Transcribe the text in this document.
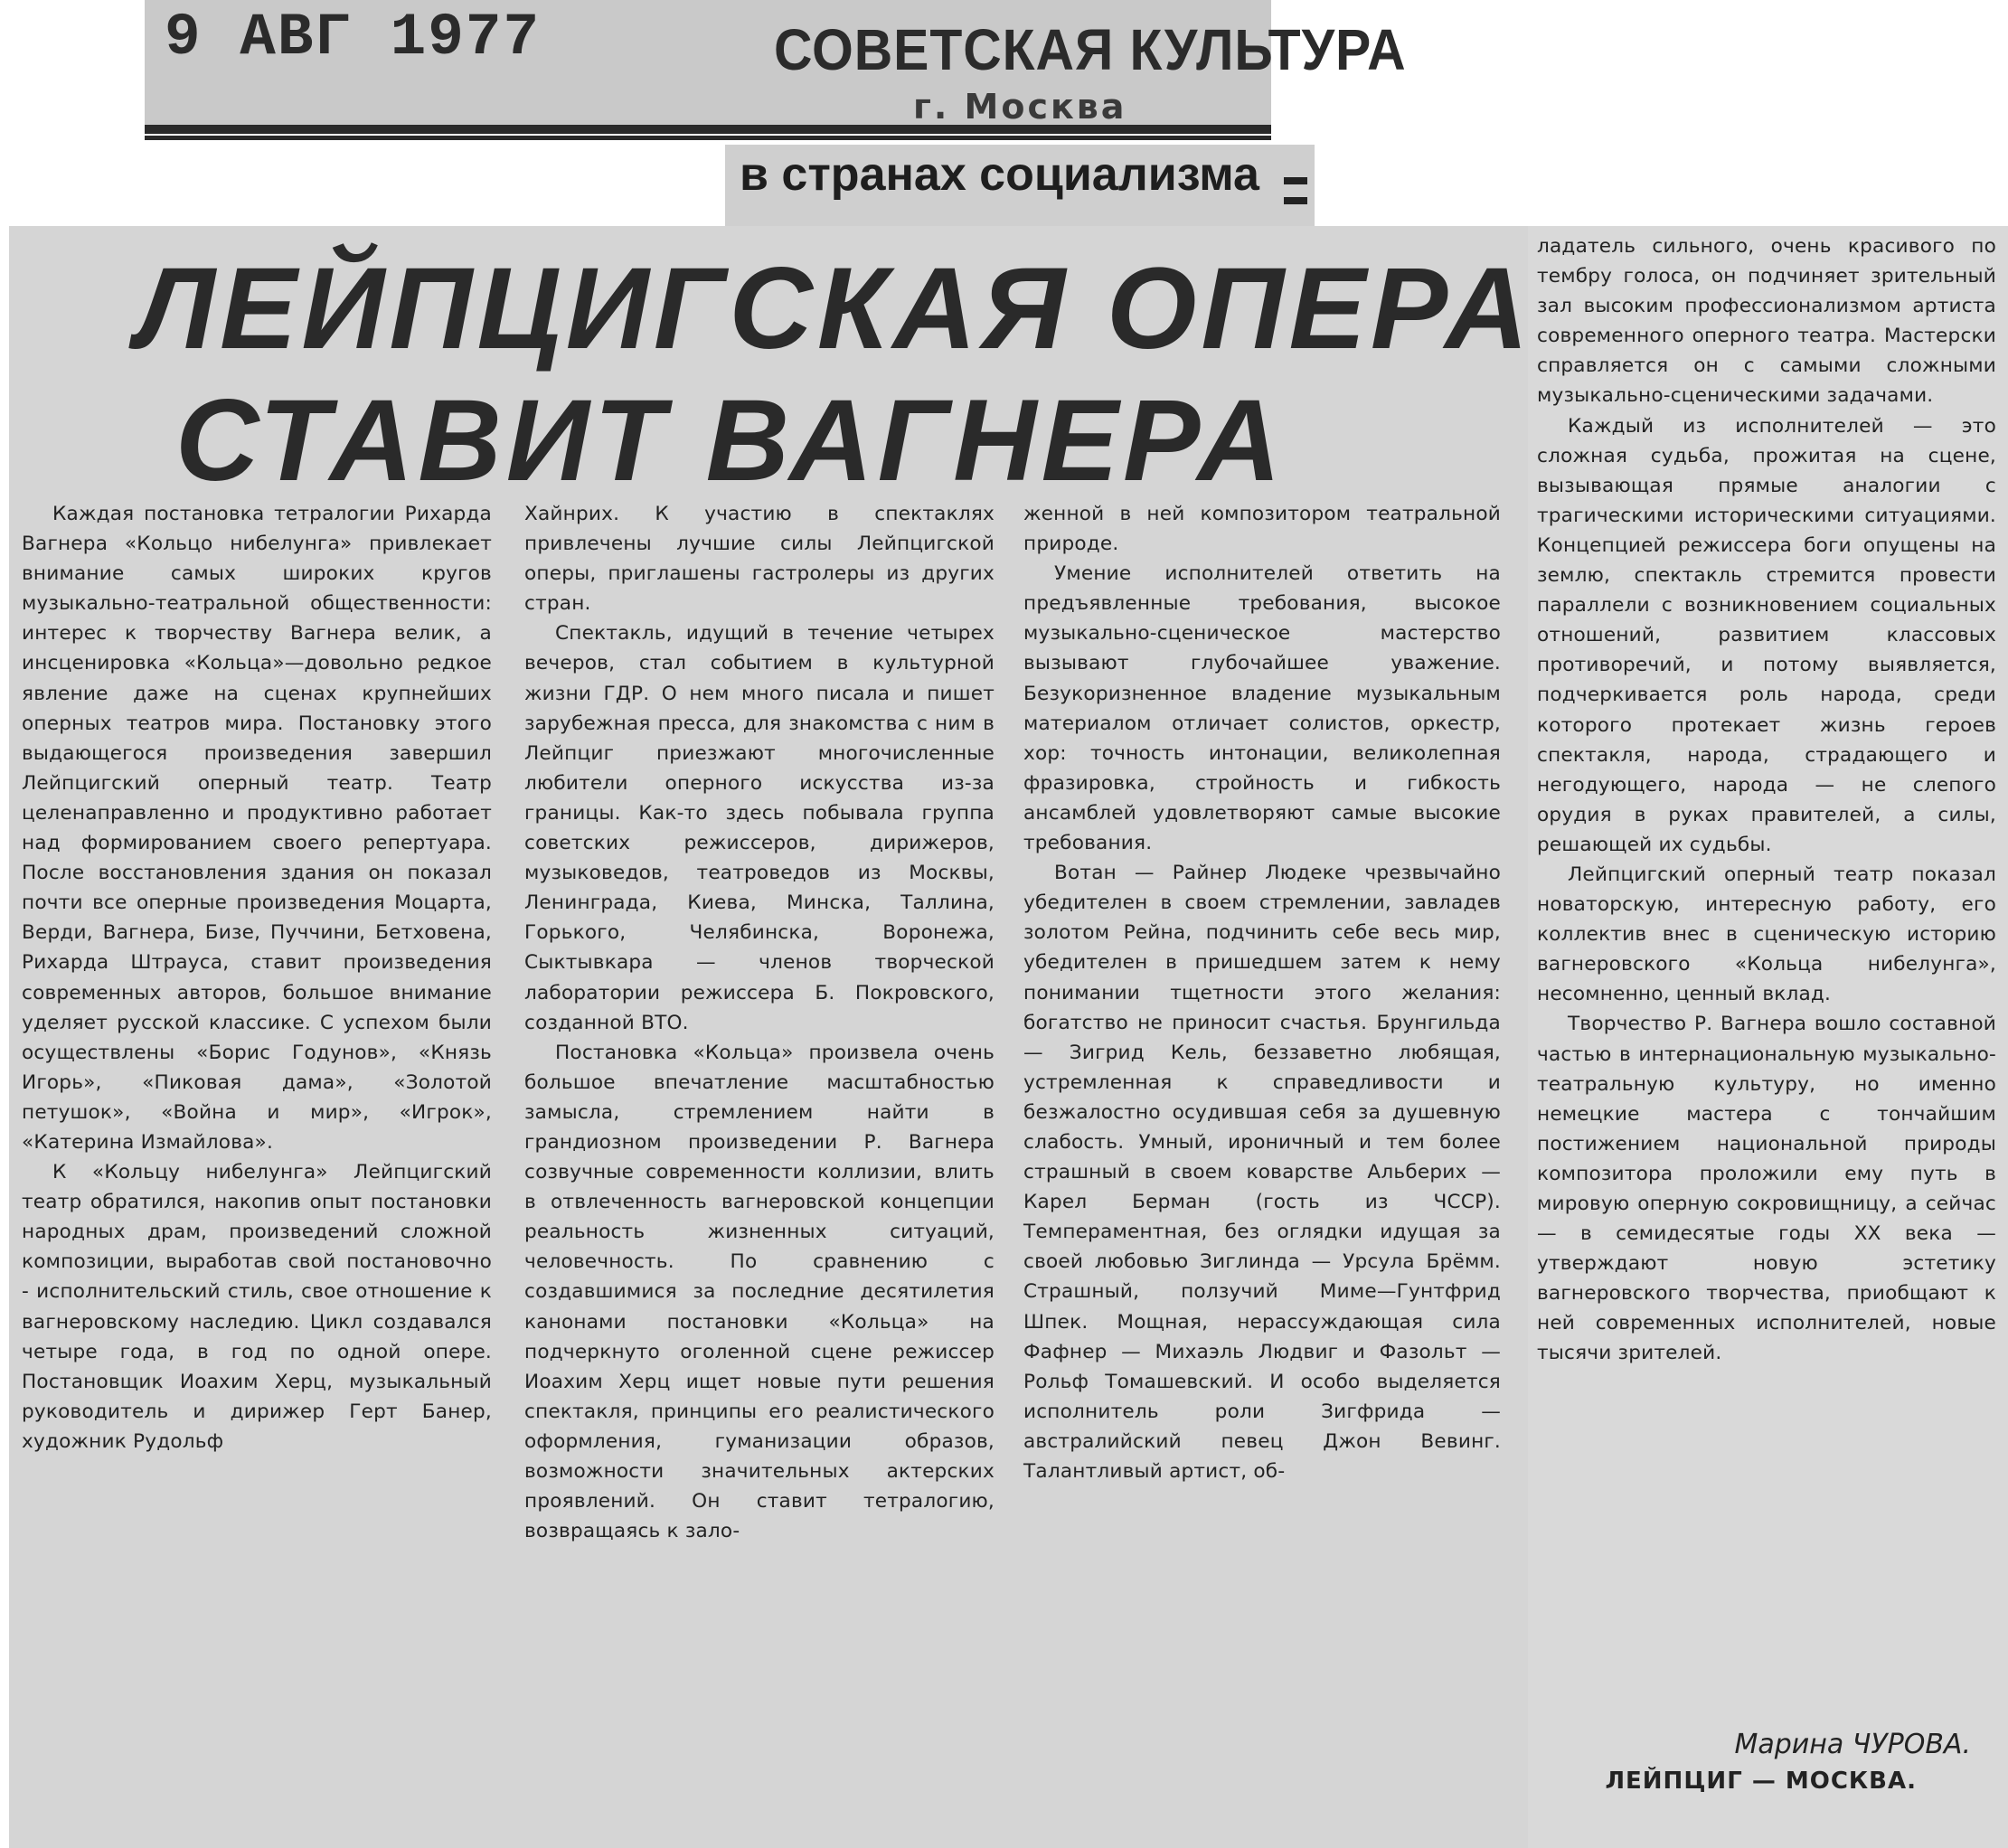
9 АВГ 1977	СОВЕТСКАЯ КУЛЬТУРА
г. Москва
в странах социализма
ЛЕЙПЦИГСКАЯ ОПЕРА
СТАВИТ ВАГНЕРА

Каждая постановка тетралогии Рихарда Вагнера «Кольцо нибелунга» привлекает внимание самых широких кругов музыкально-театральной общественности: интерес к творчеству Вагнера велик, а инсценировка «Кольца»—довольно редкое явление даже на сценах крупнейших оперных театров мира. Постановку этого выдающегося произведения завершил Лейпцигский оперный театр. Театр целенаправленно и продуктивно работает над формированием своего репертуара. После восстановления здания он показал почти все оперные произведения Моцарта, Верди, Вагнера, Бизе, Пуччини, Бетховена, Рихарда Штрауса, ставит произведения современных авторов, большое внимание уделяет русской классике. С успехом были осуществлены «Борис Годунов», «Князь Игорь», «Пиковая дама», «Золотой петушок», «Война и мир», «Игрок», «Катерина Измайлова».

К «Кольцу нибелунга» Лейпцигский театр обратился, накопив опыт постановки народных драм, произведений сложной композиции, выработав свой постановочно - исполнительский стиль, свое отношение к вагнеровскому наследию. Цикл создавался четыре года, в год по одной опере. Постановщик Иоахим Херц, музыкальный руководитель и дирижер Герт Банер, художник Рудольф

Хайнрих. К участию в спектаклях привлечены лучшие силы Лейпцигской оперы, приглашены гастролеры из других стран.

Спектакль, идущий в течение четырех вечеров, стал событием в культурной жизни ГДР. О нем много писала и пишет зарубежная пресса, для знакомства с ним в Лейпциг приезжают многочисленные любители оперного искусства из-за границы. Как-то здесь побывала группа советских режиссеров, дирижеров, музыковедов, театроведов из Москвы, Ленинграда, Киева, Минска, Таллина, Горького, Челябинска, Воронежа, Сыктывкара — членов творческой лаборатории режиссера Б. Покровского, созданной ВТО.

Постановка «Кольца» произвела очень большое впечатление масштабностью замысла, стремлением найти в грандиозном произведении Р. Вагнера созвучные современности коллизии, влить в отвлеченность вагнеровской концепции реальность жизненных ситуаций, человечность. По сравнению с создавшимися за последние десятилетия канонами постановки «Кольца» на подчеркнуто оголенной сцене режиссер Иоахим Херц ищет новые пути решения спектакля, принципы его реалистического оформления, гуманизации образов, возможности значительных актерских проявлений. Он ставит тетралогию, возвращаясь к зало-

женной в ней композитором театральной природе.

Умение исполнителей ответить на предъявленные требования, высокое музыкально-сценическое мастерство вызывают глубочайшее уважение. Безукоризненное владение музыкальным материалом отличает солистов, оркестр, хор: точность интонации, великолепная фразировка, стройность и гибкость ансамблей удовлетворяют самые высокие требования.

Вотан — Райнер Людеке чрезвычайно убедителен в своем стремлении, завладев золотом Рейна, подчинить себе весь мир, убедителен в пришедшем затем к нему понимании тщетности этого желания: богатство не приносит счастья. Брунгильда — Зигрид Кель, беззаветно любящая, устремленная к справедливости и безжалостно осудившая себя за душевную слабость. Умный, ироничный и тем более страшный в своем коварстве Альберих — Карел Берман (гость из ЧССР). Темпераментная, без оглядки идущая за своей любовью Зиглинда — Урсула Брёмм. Страшный, ползучий Миме—Гунтфрид Шпек. Мощная, нерассуждающая сила Фафнер — Михаэль Людвиг и Фазольт — Рольф Томашевский. И особо выделяется исполнитель роли Зигфрида — австралийский певец Джон Вевинг. Талантливый артист, об-

ладатель сильного, очень красивого по тембру голоса, он подчиняет зрительный зал высоким профессионализмом артиста современного оперного театра. Мастерски справляется он с самыми сложными музыкально-сценическими задачами.

Каждый из исполнителей — это сложная судьба, прожитая на сцене, вызывающая прямые аналогии с трагическими историческими ситуациями. Концепцией режиссера боги опущены на землю, спектакль стремится провести параллели с возникновением социальных отношений, развитием классовых противоречий, и потому выявляется, подчеркивается роль народа, среди которого протекает жизнь героев спектакля, народа, страдающего и негодующего, народа — не слепого орудия в руках правителей, а силы, решающей их судьбы.

Лейпцигский оперный театр показал новаторскую, интересную работу, его коллектив внес в сценическую историю вагнеровского «Кольца нибелунга», несомненно, ценный вклад.

Творчество Р. Вагнера вошло составной частью в интернациональную музыкально-театральную культуру, но именно немецкие мастера с тончайшим постижением национальной природы композитора проложили ему путь в мировую оперную сокровищницу, а сейчас — в семидесятые годы XX века — утверждают новую эстетику вагнеровского творчества, приобщают к ней современных исполнителей, новые тысячи зрителей.

Марина ЧУРОВА.
ЛЕЙПЦИГ — МОСКВА.
